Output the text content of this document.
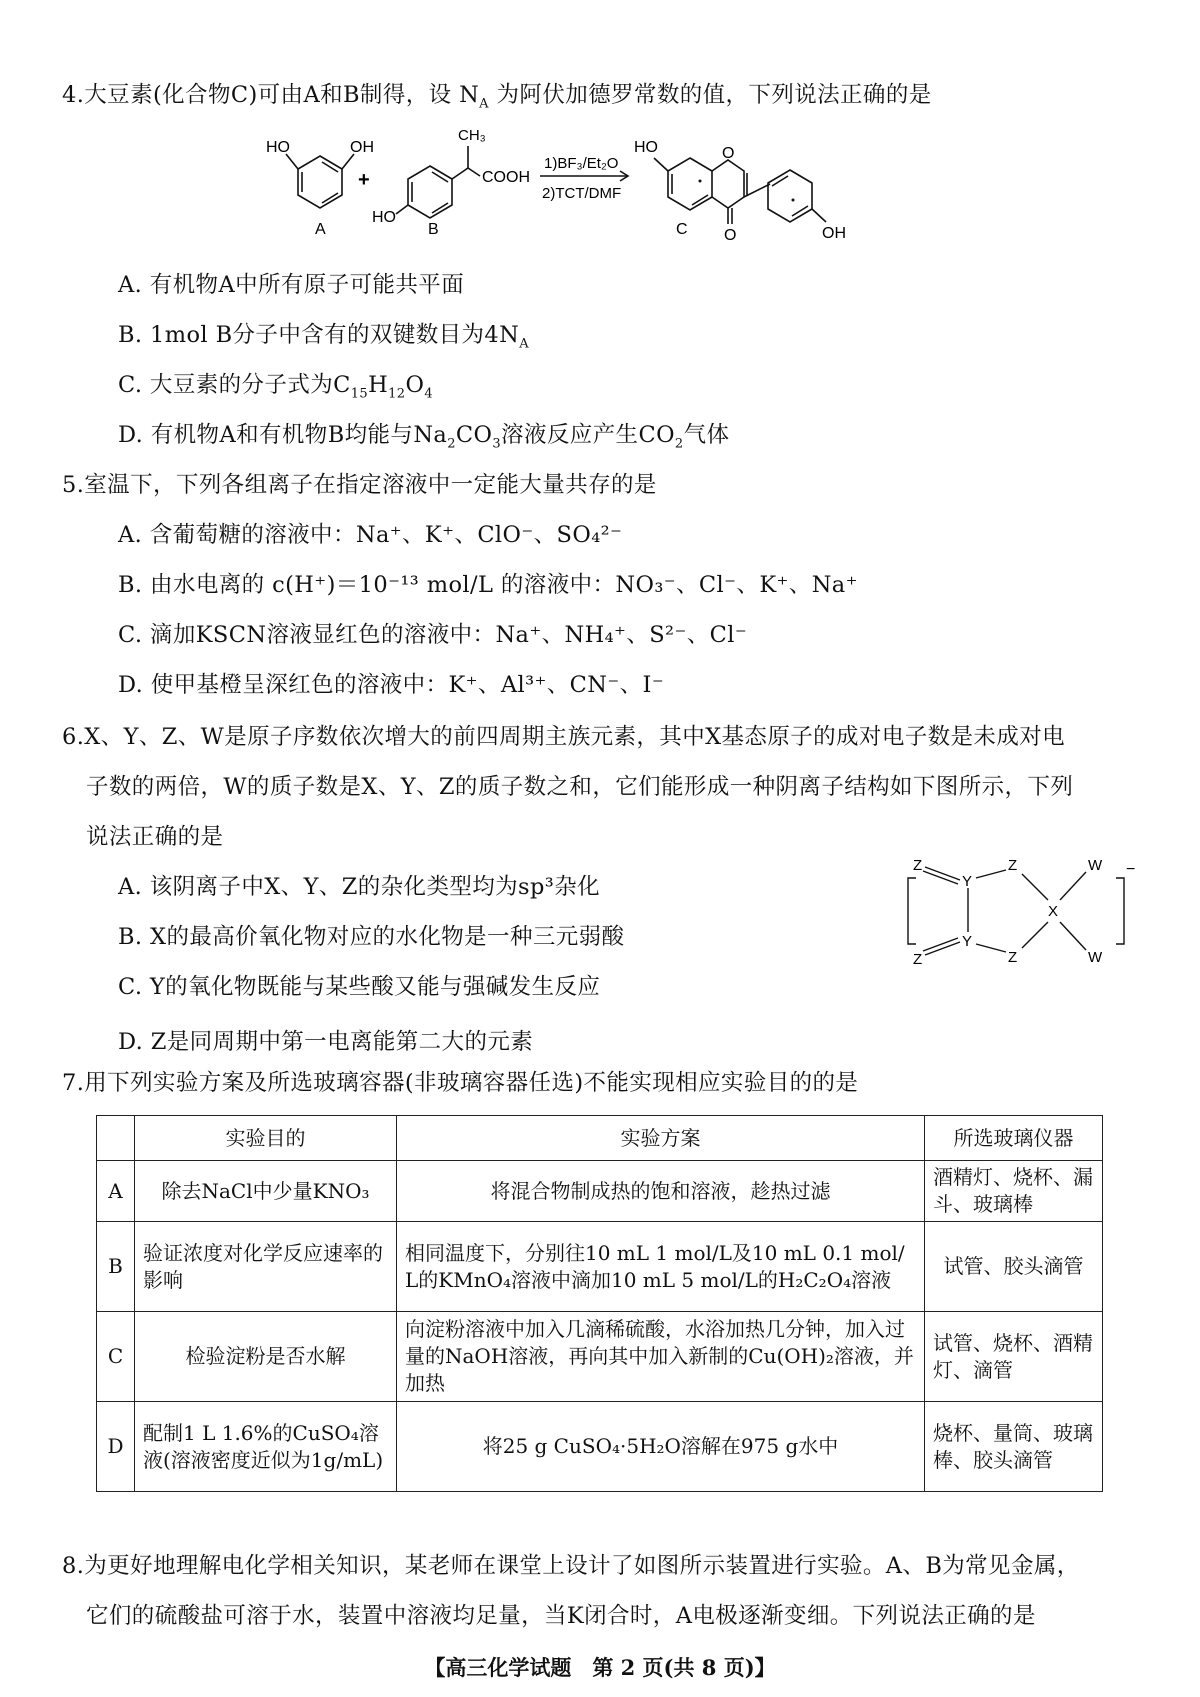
4.大豆素(化合物C)可由A和B制得，设 $N_A$ 为阿伏加德罗常数的值，下列说法正确的是
HO	OH
A
+
CH₃
COOH
HO
B
1)BF₃/Et₂O
2)TCT/DMF
HO	O
O	OH
C
A. 有机物A中所有原子可能共平面
B. 1mol B分子中含有的双键数目为$4N_A$
C. 大豆素的分子式为$C_{15}H_{12}O_4$
D. 有机物A和有机物B均能与$Na_2CO_3$溶液反应产生$CO_2$气体
5.室温下，下列各组离子在指定溶液中一定能大量共存的是
A. 含葡萄糖的溶液中：Na⁺、K⁺、ClO⁻、SO₄²⁻
B. 由水电离的 c(H⁺)＝10⁻¹³ mol/L 的溶液中：NO₃⁻、Cl⁻、K⁺、Na⁺
C. 滴加KSCN溶液显红色的溶液中：Na⁺、NH₄⁺、S²⁻、Cl⁻
D. 使甲基橙呈深红色的溶液中：K⁺、Al³⁺、CN⁻、I⁻
6.X、Y、Z、W是原子序数依次增大的前四周期主族元素，其中X基态原子的成对电子数是未成对电
子数的两倍，W的质子数是X、Y、Z的质子数之和，它们能形成一种阴离子结构如下图所示，下列
说法正确的是
A. 该阴离子中X、Y、Z的杂化类型均为sp³杂化
B. X的最高价氧化物对应的水化物是一种三元弱酸
C. Y的氧化物既能与某些酸又能与强碱发生反应
D. Z是同周期中第一电离能第二大的元素
Z
Y
Z
X
W
Y
Z
Z	W
−
7.用下列实验方案及所选玻璃容器(非玻璃容器任选)不能实现相应实验目的的是
	实验目的	实验方案	所选玻璃仪器
A	除去NaCl中少量KNO₃	将混合物制成热的饱和溶液，趁热过滤	酒精灯、烧杯、漏斗、玻璃棒
B	验证浓度对化学反应速率的影响	相同温度下，分别往10 mL 1 mol/L及10 mL 0.1 mol/L的KMnO₄溶液中滴加10 mL 5 mol/L的H₂C₂O₄溶液	试管、胶头滴管
C	检验淀粉是否水解	向淀粉溶液中加入几滴稀硫酸，水浴加热几分钟，加入过量的NaOH溶液，再向其中加入新制的Cu(OH)₂溶液，并加热	试管、烧杯、酒精灯、滴管
D	配制1 L 1.6%的CuSO₄溶液(溶液密度近似为1g/mL)	将25 g CuSO₄·5H₂O溶解在975 g水中	烧杯、量筒、玻璃棒、胶头滴管
8.为更好地理解电化学相关知识，某老师在课堂上设计了如图所示装置进行实验。A、B为常见金属，
它们的硫酸盐可溶于水，装置中溶液均足量，当K闭合时，A电极逐渐变细。下列说法正确的是
【高三化学试题　第 2 页(共 8 页)】
